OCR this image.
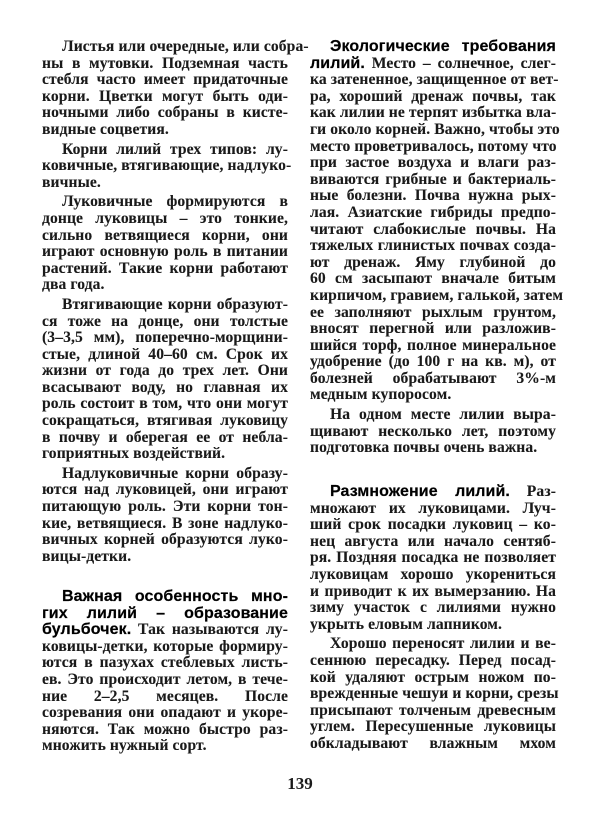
Листья или очередные, или собра-
ны в мутовки. Подземная часть
стебля часто имеет придаточные
корни. Цветки могут быть оди-
ночными либо собраны в кисте-
видные соцветия.
Корни лилий трех типов: лу-
ковичные, втягивающие, надлуко-
вичные.
Луковичные формируются в
донце луковицы – это тонкие,
сильно ветвящиеся корни, они
играют основную роль в питании
растений. Такие корни работают
два года.
Втягивающие корни образуют-
ся тоже на донце, они толстые
(3–3,5 мм), поперечно-морщини-
стые, длиной 40–60 см. Срок их
жизни от года до трех лет. Они
всасывают воду, но главная их
роль состоит в том, что они могут
сокращаться, втягивая луковицу
в почву и оберегая ее от небла-
гоприятных воздействий.
Надлуковичные корни образу-
ются над луковицей, они играют
питающую роль. Эти корни тон-
кие, ветвящиеся. В зоне надлуко-
вичных корней образуются луко-
вицы-детки.
Важная особенность мно-
гих лилий – образование
бульбочек. Так называются лу-
ковицы-детки, которые формиру-
ются в пазухах стеблевых листь-
ев. Это происходит летом, в тече-
ние 2–2,5 месяцев. После
созревания они опадают и укоре-
няются. Так можно быстро раз-
множить нужный сорт.
Экологические требования
лилий. Место – солнечное, слег-
ка затененное, защищенное от вет-
ра, хороший дренаж почвы, так
как лилии не терпят избытка вла-
ги около корней. Важно, чтобы это
место проветривалось, потому что
при застое воздуха и влаги раз-
виваются грибные и бактериаль-
ные болезни. Почва нужна рых-
лая. Азиатские гибриды предпо-
читают слабокислые почвы. На
тяжелых глинистых почвах созда-
ют дренаж. Яму глубиной до
60 см засыпают вначале битым
кирпичом, гравием, галькой, затем
ее заполняют рыхлым грунтом,
вносят перегной или разложив-
шийся торф, полное минеральное
удобрение (до 100 г на кв. м), от
болезней обрабатывают 3%-м
медным купоросом.
На одном месте лилии выра-
щивают несколько лет, поэтому
подготовка почвы очень важна.
Размножение лилий. Раз-
множают их луковицами. Луч-
ший срок посадки луковиц – ко-
нец августа или начало сентяб-
ря. Поздняя посадка не позволяет
луковицам хорошо укорениться
и приводит к их вымерзанию. На
зиму участок с лилиями нужно
укрыть еловым лапником.
Хорошо переносят лилии и ве-
сеннюю пересадку. Перед посад-
кой удаляют острым ножом по-
врежденные чешуи и корни, срезы
присыпают толченым древесным
углем. Пересушенные луковицы
обкладывают влажным мхом
139
